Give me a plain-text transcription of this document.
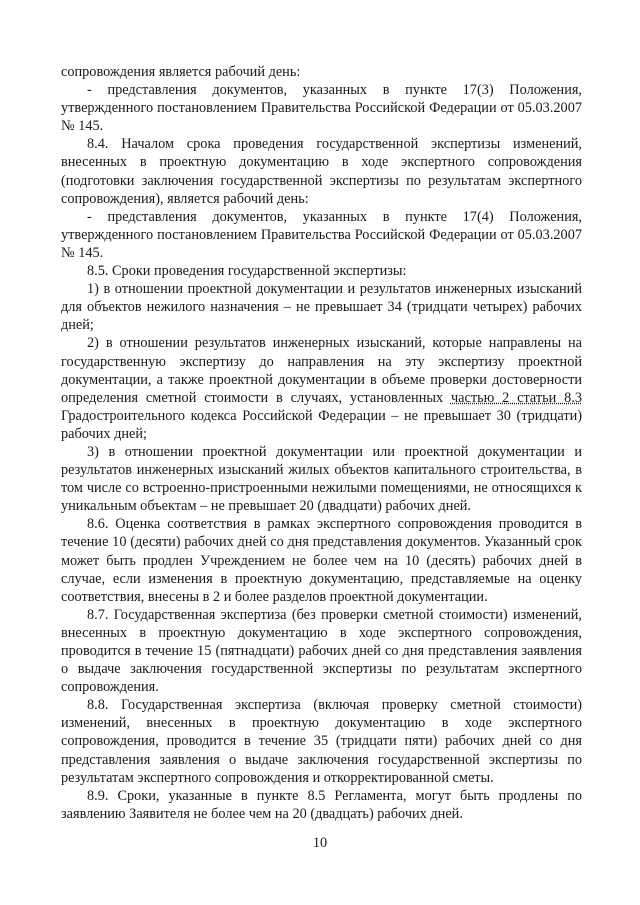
сопровождения является рабочий день:

- представления документов, указанных в пункте 17(3) Положения, утвержденного постановлением Правительства Российской Федерации от 05.03.2007 № 145.

8.4. Началом срока проведения государственной экспертизы изменений, внесенных в проектную документацию в ходе экспертного сопровождения (подготовки заключения государственной экспертизы по результатам экспертного сопровождения), является рабочий день:

- представления документов, указанных в пункте 17(4) Положения, утвержденного постановлением Правительства Российской Федерации от 05.03.2007 № 145.

8.5. Сроки проведения государственной экспертизы:

1) в отношении проектной документации и результатов инженерных изысканий для объектов нежилого назначения – не превышает 34 (тридцати четырех) рабочих дней;

2) в отношении результатов инженерных изысканий, которые направлены на государственную экспертизу до направления на эту экспертизу проектной документации, а также проектной документации в объеме проверки достоверности определения сметной стоимости в случаях, установленных частью 2 статьи 8.3 Градостроительного кодекса Российской Федерации – не превышает 30 (тридцати) рабочих дней;

3) в отношении проектной документации или проектной документации и результатов инженерных изысканий жилых объектов капитального строительства, в том числе со встроенно-пристроенными нежилыми помещениями, не относящихся к уникальным объектам – не превышает 20 (двадцати) рабочих дней.

8.6. Оценка соответствия в рамках экспертного сопровождения проводится в течение 10 (десяти) рабочих дней со дня представления документов. Указанный срок может быть продлен Учреждением не более чем на 10 (десять) рабочих дней в случае, если изменения в проектную документацию, представляемые на оценку соответствия, внесены в 2 и более разделов проектной документации.

8.7. Государственная экспертиза (без проверки сметной стоимости) изменений, внесенных в проектную документацию в ходе экспертного сопровождения, проводится в течение 15 (пятнадцати) рабочих дней со дня представления заявления о выдаче заключения государственной экспертизы по результатам экспертного сопровождения.

8.8. Государственная экспертиза (включая проверку сметной стоимости) изменений, внесенных в проектную документацию в ходе экспертного сопровождения, проводится в течение 35 (тридцати пяти) рабочих дней со дня представления заявления о выдаче заключения государственной экспертизы по результатам экспертного сопровождения и откорректированной сметы.

8.9. Сроки, указанные в пункте 8.5 Регламента, могут быть продлены по заявлению Заявителя не более чем на 20 (двадцать) рабочих дней.

10
